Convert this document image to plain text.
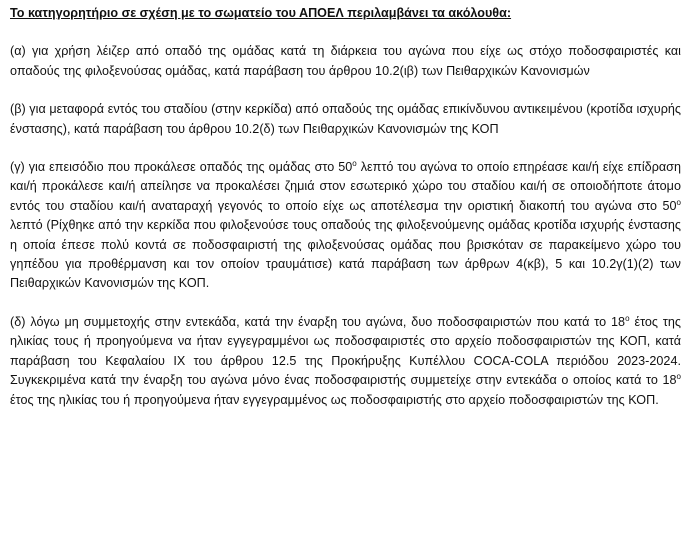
Το κατηγορητήριο σε σχέση με το σωματείο του ΑΠΟΕΛ περιλαμβάνει τα ακόλουθα:
(α) για χρήση λέιζερ από οπαδό της ομάδας κατά τη διάρκεια του αγώνα που είχε ως στόχο ποδοσφαιριστές και οπαδούς της φιλοξενούσας ομάδας, κατά παράβαση του άρθρου 10.2(ιβ) των Πειθαρχικών Κανονισμών
(β) για μεταφορά εντός του σταδίου (στην κερκίδα) από οπαδούς της ομάδας επικίνδυνου αντικειμένου (κροτίδα ισχυρής ένστασης), κατά παράβαση του άρθρου 10.2(δ) των Πειθαρχικών Κανονισμών της ΚΟΠ
(γ) για επεισόδιο που προκάλεσε οπαδός της ομάδας στο $50^o$ λεπτό του αγώνα το οποίο επηρέασε και/ή είχε επίδραση και/ή προκάλεσε και/ή απείλησε να προκαλέσει ζημιά στον εσωτερικό χώρο του σταδίου και/ή σε οποιοδήποτε άτομο εντός του σταδίου και/ή αναταραχή γεγονός το οποίο είχε ως αποτέλεσμα την οριστική διακοπή του αγώνα στο $50^o$ λεπτό (Ρίχθηκε από την κερκίδα που φιλοξενούσε τους οπαδούς της φιλοξενούμενης ομάδας κροτίδα ισχυρής ένστασης η οποία έπεσε πολύ κοντά σε ποδοσφαιριστή της φιλοξενούσας ομάδας που βρισκόταν σε παρακείμενο χώρο του γηπέδου για προθέρμανση και τον οποίον τραυμάτισε) κατά παράβαση των άρθρων 4(κβ), 5 και 10.2γ(1)(2) των Πειθαρχικών Κανονισμών της ΚΟΠ.
(δ) λόγω μη συμμετοχής στην εντεκάδα, κατά την έναρξη του αγώνα, δυο ποδοσφαιριστών που κατά το $18^o$ έτος της ηλικίας τους ή προηγούμενα να ήταν εγγεγραμμένοι ως ποδοσφαιριστές στο αρχείο ποδοσφαιριστών της ΚΟΠ, κατά παράβαση του Κεφαλαίου ΙΧ του άρθρου 12.5 της Προκήρυξης Κυπέλλου COCA-COLA περιόδου 2023-2024. Συγκεκριμένα κατά την έναρξη του αγώνα μόνο ένας ποδοσφαιριστής συμμετείχε στην εντεκάδα ο οποίος κατά το $18^o$ έτος της ηλικίας του ή προηγούμενα ήταν εγγεγραμμένος ως ποδοσφαιριστής στο αρχείο ποδοσφαιριστών της ΚΟΠ.
